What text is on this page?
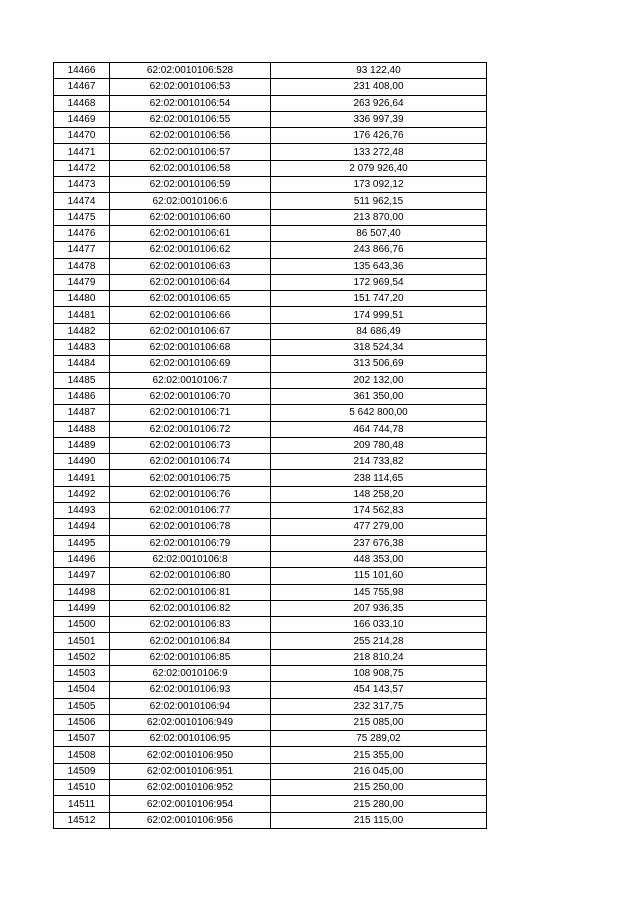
14466	62:02:0010106:528	93 122,40
14467	62:02:0010106:53	231 408,00
14468	62:02:0010106:54	263 926,64
14469	62:02:0010106:55	336 997,39
14470	62:02:0010106:56	176 426,76
14471	62:02:0010106:57	133 272,48
14472	62:02:0010106:58	2 079 926,40
14473	62:02:0010106:59	173 092,12
14474	62:02:0010106:6	511 962,15
14475	62:02:0010106:60	213 870,00
14476	62:02:0010106:61	86 507,40
14477	62:02:0010106:62	243 866,76
14478	62:02:0010106:63	135 643,36
14479	62:02:0010106:64	172 969,54
14480	62:02:0010106:65	151 747,20
14481	62:02:0010106:66	174 999,51
14482	62:02:0010106:67	84 686,49
14483	62:02:0010106:68	318 524,34
14484	62:02:0010106:69	313 506,69
14485	62:02:0010106:7	202 132,00
14486	62:02:0010106:70	361 350,00
14487	62:02:0010106:71	5 642 800,00
14488	62:02:0010106:72	464 744,78
14489	62:02:0010106:73	209 780,48
14490	62:02:0010106:74	214 733,82
14491	62:02:0010106:75	238 114,65
14492	62:02:0010106:76	148 258,20
14493	62:02:0010106:77	174 562,83
14494	62:02:0010106:78	477 279,00
14495	62:02:0010106:79	237 676,38
14496	62:02:0010106:8	448 353,00
14497	62:02:0010106:80	115 101,60
14498	62:02:0010106:81	145 755,98
14499	62:02:0010106:82	207 936,35
14500	62:02:0010106:83	166 033,10
14501	62:02:0010106:84	255 214,28
14502	62:02:0010106:85	218 810,24
14503	62:02:0010106:9	108 908,75
14504	62:02:0010106:93	454 143,57
14505	62:02:0010106:94	232 317,75
14506	62:02:0010106:949	215 085,00
14507	62:02:0010106:95	75 289,02
14508	62:02:0010106:950	215 355,00
14509	62:02:0010106:951	216 045,00
14510	62:02:0010106:952	215 250,00
14511	62:02:0010106:954	215 280,00
14512	62:02:0010106:956	215 115,00
